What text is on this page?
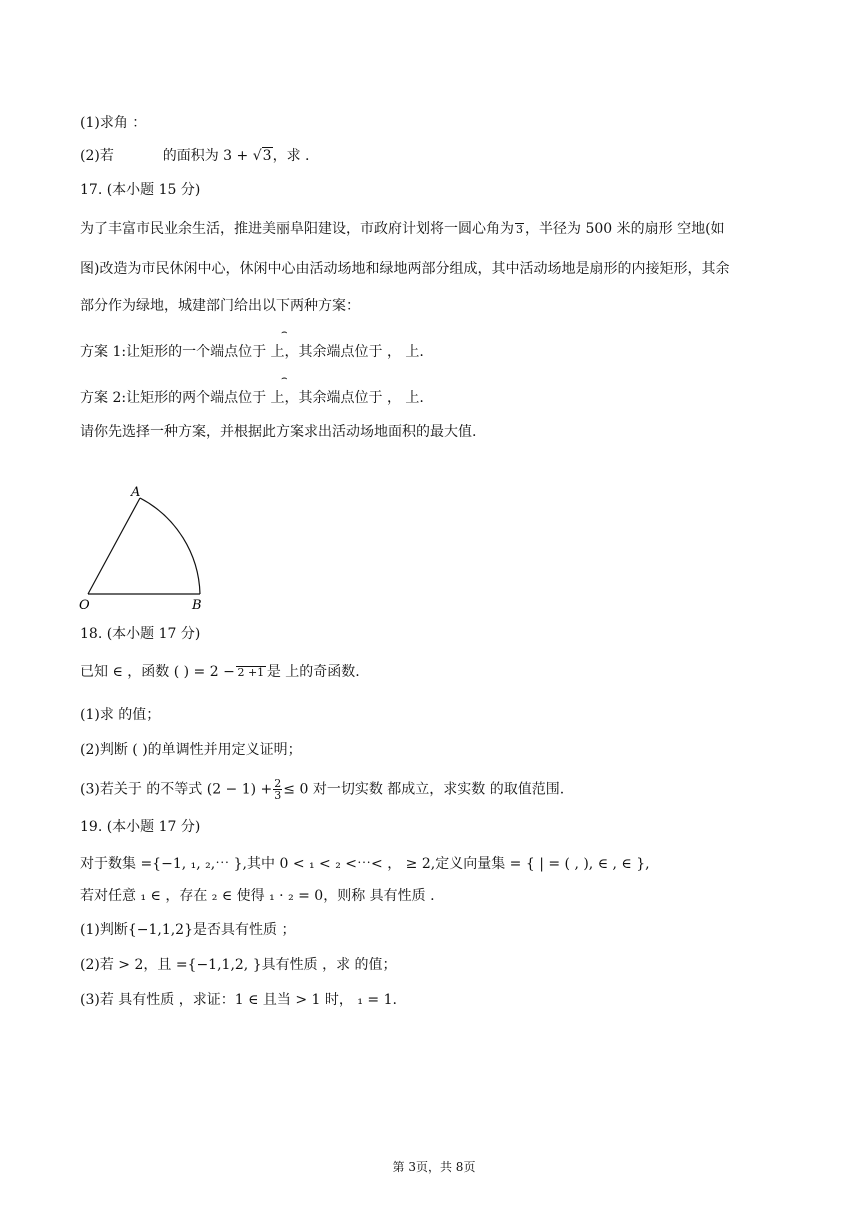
(1)求角 ：
(2)若	的面积为 3 + √3，求 .
17. (本小题 15 分)
为了丰富市民业余生活，推进美丽阜阳建设，市政府计划将一圆心角为 3 ，半径为 500 米的扇形 空地(如
图)改造为市民休闲中心，休闲中心由活动场地和绿地两部分组成，其中活动场地是扇形的内接矩形，其余
部分作为绿地，城建部门给出以下两种方案：
⌢
方案 1:让矩形的一个端点位于 上，其余端点位于 ， 上.
⌢
方案 2:让矩形的两个端点位于 上，其余端点位于 ， 上.
请你先选择一种方案，并根据此方案求出活动场地面积的最大值.
A
O	B
18. (本小题 17 分)
已知 ∈ ，函数 ( ) = 2 − 2 +1 是 上的奇函数.
(1)求 的值；
(2)判断 ( )的单调性并用定义证明；
(3)若关于 的不等式 $(2 - 1) + \frac{2}{3} \le 0$ 对一切实数 都成立，求实数 的取值范围.
19. (本小题 17 分)
对于数集 ={−1, ₁, ₂,⋯ },其中 0 < ₁ < ₂ <⋯< ， ≥ 2,定义向量集 = { | = ( , ), ∈ , ∈ },
若对任意 ₁ ∈ ，存在 ₂ ∈ 使得 ₁ · ₂ = 0，则称 具有性质 .
(1)判断{−1,1,2}是否具有性质 ；
(2)若 > 2，且 ={−1,1,2, }具有性质 ，求 的值；
(3)若 具有性质 ，求证：1 ∈ 且当 > 1 时， ₁ = 1.
第 3页，共 8页
